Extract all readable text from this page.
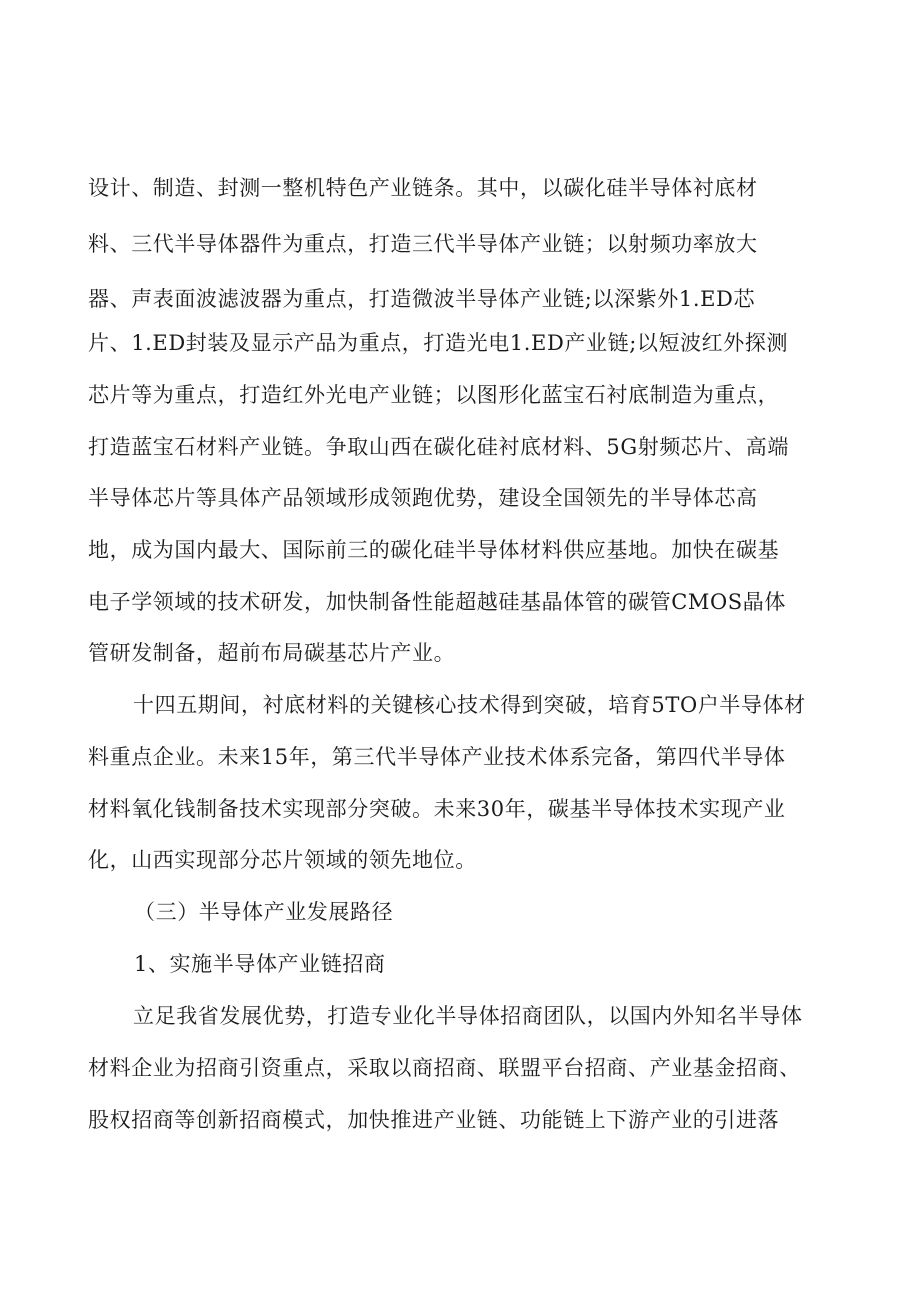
设计、制造、封测一整机特色产业链条。其中，以碳化硅半导体衬底材
料、三代半导体器件为重点，打造三代半导体产业链；以射频功率放大
器、声表面波滤波器为重点，打造微波半导体产业链;以深紫外1.ED芯
片、1.ED封装及显示产品为重点，打造光电1.ED产业链;以短波红外探测
芯片等为重点，打造红外光电产业链；以图形化蓝宝石衬底制造为重点，
打造蓝宝石材料产业链。争取山西在碳化硅衬底材料、5G射频芯片、高端
半导体芯片等具体产品领域形成领跑优势，建设全国领先的半导体芯高
地，成为国内最大、国际前三的碳化硅半导体材料供应基地。加快在碳基
电子学领域的技术研发，加快制备性能超越硅基晶体管的碳管CMOS晶体
管研发制备，超前布局碳基芯片产业。
十四五期间，衬底材料的关键核心技术得到突破，培育5TO户半导体材
料重点企业。未来15年，第三代半导体产业技术体系完备，第四代半导体
材料氧化钱制备技术实现部分突破。未来30年，碳基半导体技术实现产业
化，山西实现部分芯片领域的领先地位。
（三）半导体产业发展路径
1、实施半导体产业链招商
立足我省发展优势，打造专业化半导体招商团队，以国内外知名半导体
材料企业为招商引资重点，采取以商招商、联盟平台招商、产业基金招商、
股权招商等创新招商模式，加快推进产业链、功能链上下游产业的引进落
